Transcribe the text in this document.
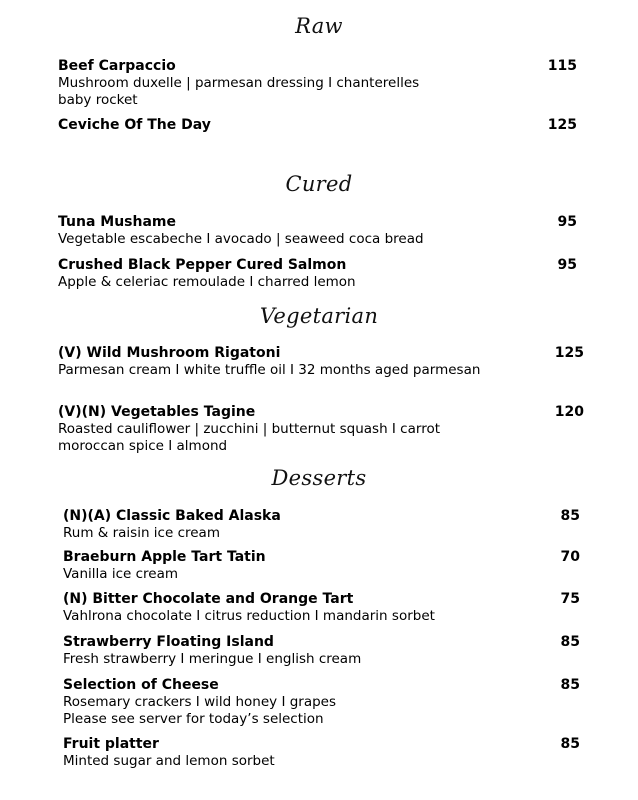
Raw
Beef Carpaccio
Mushroom duxelle | parmesan dressing I chanterelles
baby rocket
115
Ceviche Of The Day	125
Cured
Tuna Mushame
Vegetable escabeche I avocado | seaweed coca bread
95
Crushed Black Pepper Cured Salmon
Apple & celeriac remoulade I charred lemon
95
Vegetarian
(V) Wild Mushroom Rigatoni
Parmesan cream I white truffle oil I 32 months aged parmesan
125
(V)(N) Vegetables Tagine
Roasted cauliflower | zucchini | butternut squash I carrot
moroccan spice I almond
120
Desserts
(N)(A) Classic Baked Alaska
Rum & raisin ice cream
85
Braeburn Apple Tart Tatin
Vanilla ice cream
70
(N) Bitter Chocolate and Orange Tart
Vahlrona chocolate I citrus reduction I mandarin sorbet
75
Strawberry Floating Island
Fresh strawberry I meringue I english cream
85
Selection of Cheese
Rosemary crackers I wild honey I grapes
Please see server for today’s selection
85
Fruit platter
Minted sugar and lemon sorbet
85
